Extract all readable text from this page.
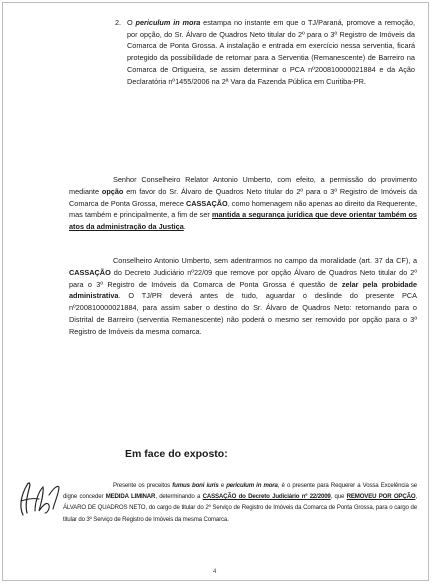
2. O periculum in mora estampa no instante em que o TJ/Paraná, promove a remoção, por opção, do Sr. Álvaro de Quadros Neto titular do 2º para o 3º Registro de Imóveis da Comarca de Ponta Grossa. A instalação e entrada em exercício nessa serventia, ficará protegido da possibilidade de retornar para a Serventia (Remanescente) de Barreiro na Comarca de Ortigueira, se assim determinar o PCA nº200810000021884 e da Ação Declaratória nº1455/2006 na 2ª Vara da Fazenda Pública em Curitiba-PR.

Senhor Conselheiro Relator Antonio Umberto, com efeito, a permissão do provimento mediante opção em favor do Sr. Álvaro de Quadros Neto titular do 2º para o 3º Registro de Imóveis da Comarca de Ponta Grossa, merece CASSAÇÃO, como homenagem não apenas ao direito da Requerente, mas também e principalmente, a fim de ser mantida a segurança jurídica que deve orientar também os atos da administração da Justiça.

Conselheiro Antonio Umberto, sem adentrarmos no campo da moralidade (art. 37 da CF), a CASSAÇÃO do Decreto Judiciário nº22/09 que remove por opção Álvaro de Quadros Neto titular do 2º para o 3º Registro de Imóveis da Comarca de Ponta Grossa é questão de zelar pela probidade administrativa. O TJ/PR deverá antes de tudo, aguardar o deslinde do presente PCA nº200810000021884, para assim saber o destino do Sr. Álvaro de Quadros Neto: retornando para o Distrital de Barreiro (serventia Remanescente) não poderá o mesmo ser removido por opção para o 3º Registro de Imóveis da mesma comarca.

Em face do exposto:

Presente os preceitos fumus boni iuris e periculum in mora, é o presente para Requerer a Vossa Excelência se digne conceder MEDIDA LIMINAR, determinando a CASSAÇÃO do Decreto Judiciário nº 22/2009, que REMOVEU POR OPÇÃO, ÁLVARO DE QUADROS NETO, do cargo de titular do 2º Serviço de Registro de Imóveis da Comarca de Ponta Grossa, para o cargo de titular do 3º Serviço de Registro de Imóveis da mesma Comarca.

4
